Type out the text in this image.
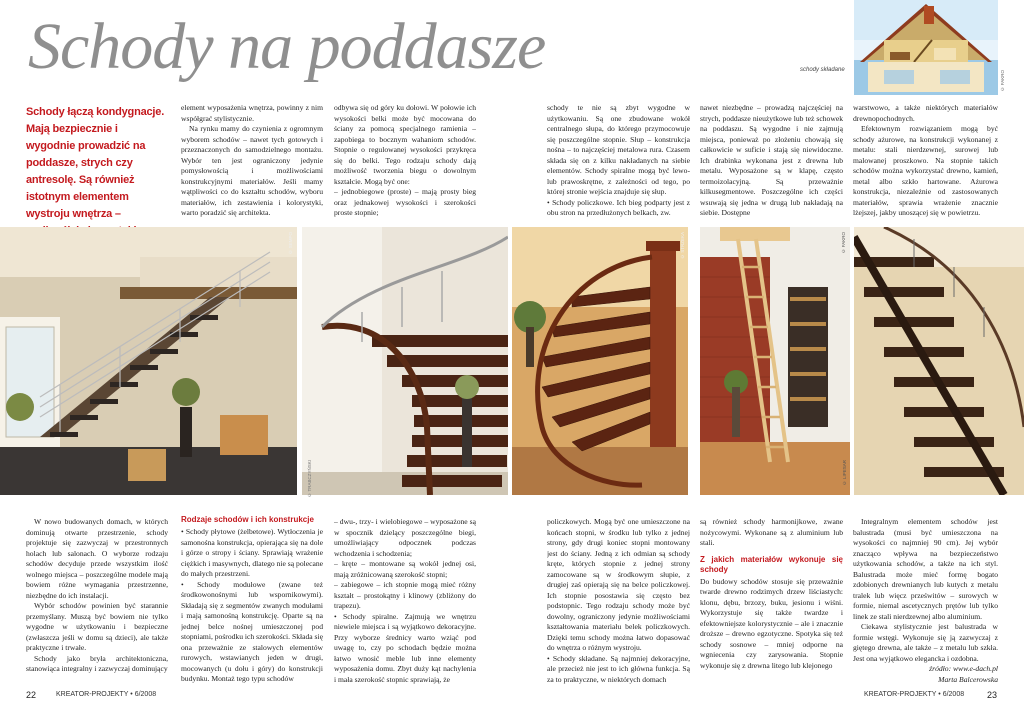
Schody na poddasze	© FAKRO
schody składane
Schody łączą kondygnacje. Mają bezpiecznie i wygodnie prowadzić na poddasze, strych czy antresolę. Są również istotnym elementem wystroju wnętrza –

element wyposażenia wnętrza, powinny z nim współgrać stylistycznie.

Na rynku mamy do czynienia z ogromnym wyborem schodów – nawet tych gotowych i przeznaczonych do samodzielnego montażu. Wybór ten jest ograniczony jedynie pomysłowością i możliwościami konstrukcyjnymi materiałów. Jeśli mamy wątpliwości co do kształtu schodów, wyboru materiałów, ich zestawienia i kolorystyki, warto poradzić się architekta.

odbywa się od góry ku dołowi. W połowie ich wysokości belki może być mocowana do ściany za pomocą specjalnego ramienia – zapobiega to bocznym wahaniom schodów. Stopnie o regulowanej wysokości przykręca się do belki. Tego rodzaju schody dają możliwość tworzenia biegu o dowolnym kształcie. Mogą być one:

– jednobiegowe (proste) – mają prosty bieg oraz jednakowej wysokości i szerokości proste stopnie;

schody te nie są zbyt wygodne w użytkowaniu. Są one zbudowane wokół centralnego słupa, do którego przymocowuje się poszczególne stopnie. Słup – konstrukcja nośna – to najczęściej metalowa rura. Czasem składa się on z kilku nakładanych na siebie elementów. Schody spiralne mogą być lewo- lub prawoskrętne, z zależności od tego, po której stronie wejścia znajduje się słup.

• Schody policzkowe. Ich bieg podparty jest z obu stron na przedłużonych belkach, zw.

nawet niezbędne – prowadzą najczęściej na strych, poddasze nieużytkowe lub też schowek na poddaszu. Są wygodne i nie zajmują miejsca, ponieważ po złożeniu chowają się całkowicie w suficie i stają się niewidoczne. Ich drabinka wykonana jest z drewna lub metalu. Wyposażone są w klapę, często termoizolacyjną. Są przeważnie kilkusegmentowe. Poszczególne ich części wsuwają się jedna w drugą lub nakładają na siebie. Dostępne

warstwowo, a także niektórych materiałów drewnopochodnych.

Efektownym rozwiązaniem mogą być schody ażurowe, na konstrukcji wykonanej z metalu: stali nierdzewnej, surowej lub malowanej proszkowo. Na stopnie takich schodów można wykorzystać drewno, kamień, metal albo szkło hartowane. Ażurowa konstrukcja, niezależnie od zastosowanych materiałów, sprawia wrażenie znacznie lżejszej, jakby unoszącej się w powietrzu.

© SEMPO
© TRABCZYŃSKI
© STRZEKA	© FAKRO
© LIPESAR

W nowo budowanych domach, w których dominują otwarte przestrzenie, schody projektuje się zazwyczaj w przestronnych holach lub salonach. O wyborze rodzaju schodów decyduje przede wszystkim ilość wolnego miejsca – poszczególne modele mają bowiem różne wymagania przestrzenne, niezbędne do ich instalacji.

Wybór schodów powinien być starannie przemyślany. Muszą być bowiem nie tylko wygodne w użytkowaniu i bezpieczne (zwłaszcza jeśli w domu są dzieci), ale także praktyczne i trwałe.

Schody jako bryła architektoniczna, stanowiąca integralny i zazwyczaj dominujący

Rodzaje schodów i ich konstrukcje

• Schody płytowe (żelbetowe). Wytłoczenia je samonośna konstrukcja, opierająca się na dole i górze o stropy i ściany. Sprawiają wrażenie ciężkich i masywnych, dlatego nie są polecane do małych przestrzeni.

• Schody modułowe (zwane też środkowonośnymi lub wspornikowymi). Składają się z segmentów zwanych modułami i mają samonośną konstrukcję. Oparte są na jednej belce nośnej umieszczonej pod stopniami, pośrodku ich szerokości. Składa się ona przeważnie ze stalowych elementów rurowych, wstawianych jeden w drugi, mocowanych (u dołu i góry) do konstrukcji budynku. Montaż tego typu schodów

– dwu-, trzy- i wielobiegowe – wyposażone są w spocznik dzielący poszczególne biegi, umożliwiający odpocznek podczas wchodzenia i schodzenia;

– kręte – montowane są wokół jednej osi, mają zróżnicowaną szerokość stopni;

– zabiegowe – ich stopnie mogą mieć różny kształt – prostokątny i klinowy (zbliżony do trapezu).

• Schody spiralne. Zajmują we wnętrzu niewiele miejsca i są wyjątkowo dekoracyjne. Przy wyborze średnicy warto wziąć pod uwagę to, czy po schodach będzie można łatwo wnosić meble lub inne elementy wyposażenia domu. Zbyt duży kąt nachylenia i mała szerokość stopnic sprawiają, że

policzkowych. Mogą być one umieszczone na końcach stopni, w środku lub tylko z jednej strony, gdy drugi koniec stopni montowany jest do ściany. Jedną z ich odmian są schody kręte, których stopnie z jednej strony zamocowane są w środkowym słupie, z drugiej zaś opierają się na belce policzkowej. Ich stopnie posostawia się często bez podstopnic. Tego rodzaju schody może być dowolny, ograniczony jedynie możliwościami kształtowania materiału belek policzkowych. Dzięki temu schody można łatwo dopasować do wnętrza o różnym wystroju.

• Schody składane. Są najmniej dekoracyjne, ale przecież nie jest to ich główna funkcja. Są za to praktyczne, w niektórych domach

są również schody harmonijkowe, zwane nożycowymi. Wykonane są z aluminium lub stali.

Z jakich materiałów wykonuje się schody

Do budowy schodów stosuje się przeważnie twarde drewno rodzimych drzew liściastych: klonu, dębu, brzozy, buku, jesionu i wiśni. Wykorzystuje się także twardze i efektowniejsze kolorystycznie – ale i znacznie droższe – drewno egzotyczne. Spotyka się też schody sosnowe – mniej odporne na wgniecenia czy zarysowania. Stopnie wykonuje się z drewna litego lub klejonego

Integralnym elementem schodów jest balustrada (musi być umieszczona na wysokości co najmniej 90 cm). Jej wybór znacząco wpływa na bezpieczeństwo użytkowania schodów, a także na ich styl. Balustrada może mieć formę bogato zdobionych drewnianych lub kutych z metalu tralek lub więcz prześwitów – surowych w formie, niemal ascetycznych prętów lub tylko linek ze stali nierdzewnej albo aluminium.

Ciekawa stylistycznie jest balustrada w formie wstęgi. Wykonuje się ją zazwyczaj z giętego drewna, ale także – z metalu lub szkła. Jest ona wyjątkowo elegancka i ozdobna.

źródło: www.e-dach.pl
Marta Balcerowska
22	KREATOR-PROJEKTY • 6/2008	KREATOR-PROJEKTY • 6/2008	23
